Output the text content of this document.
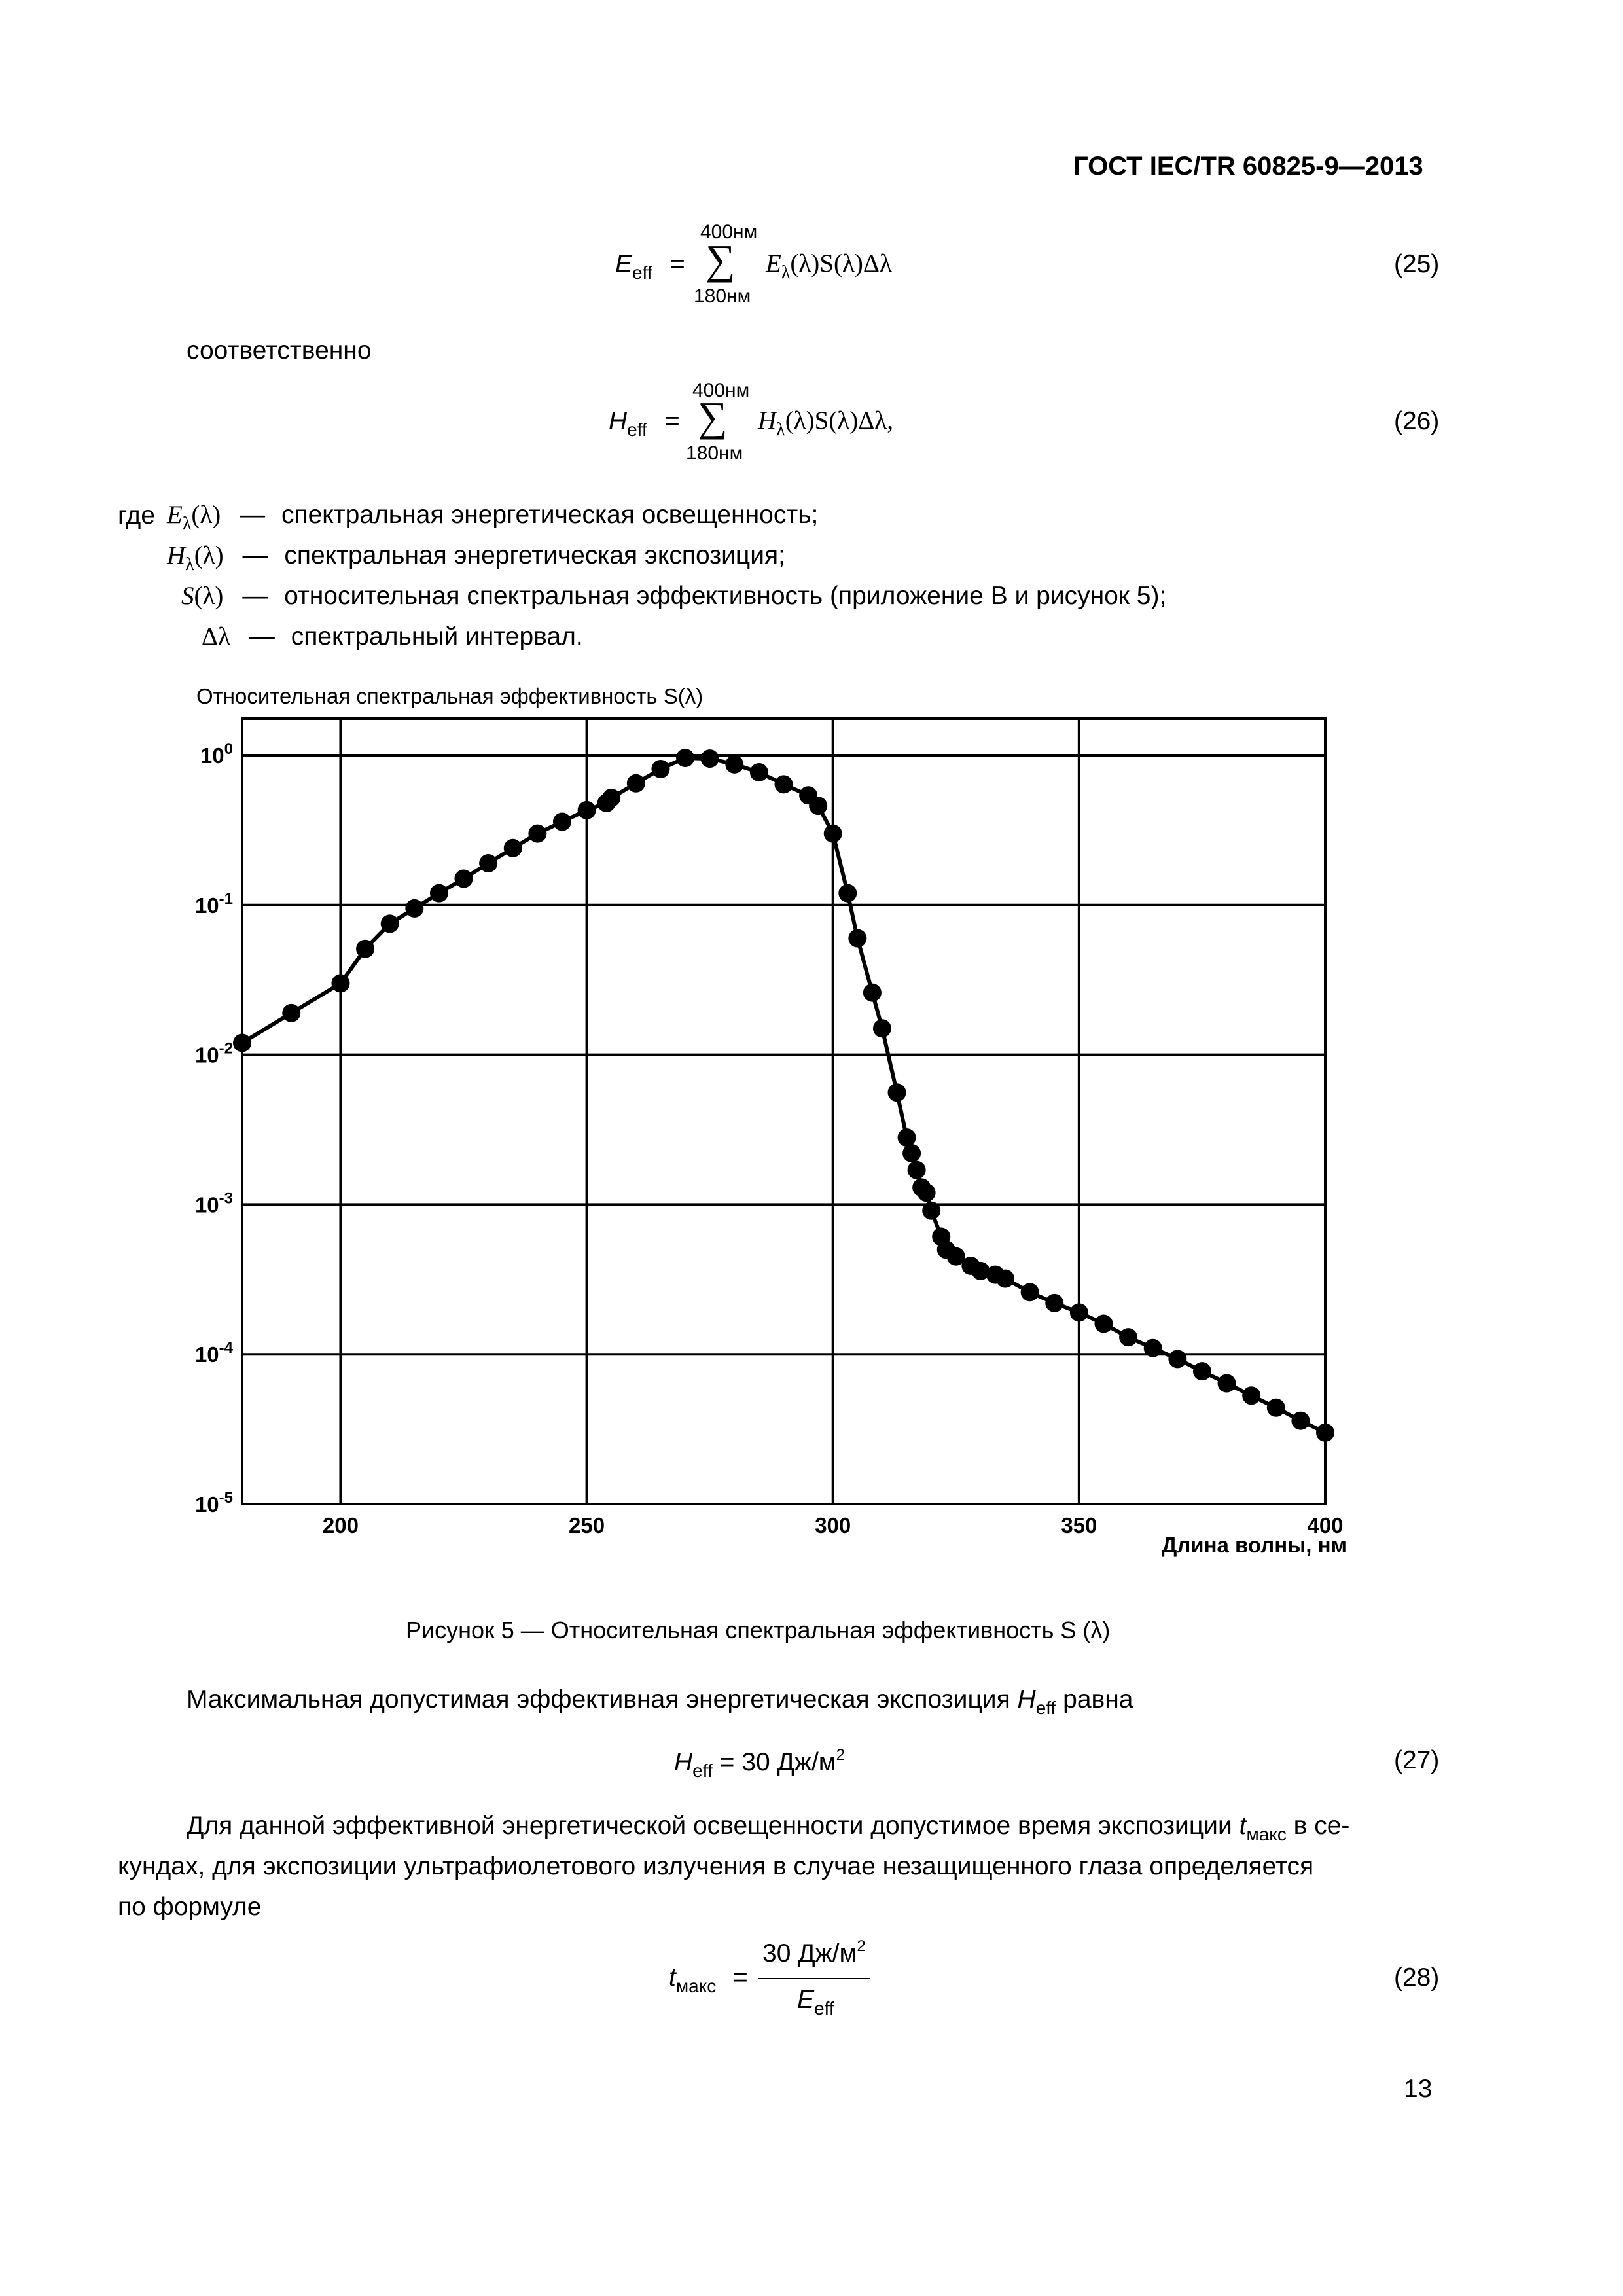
ГОСТ IEC/TR 60825-9—2013
400нм
$E_{eff}$ = ∑ $E_\lambda(\lambda)S(\lambda)\Delta\lambda$
180нм
(25)
соответственно
400нм
$H_{eff}$ = ∑ $H_\lambda(\lambda)S(\lambda)\Delta\lambda$,
180нм
(26)
где $E_\lambda(\lambda)$ — спектральная энергетическая освещенность;
$H_\lambda(\lambda)$ — спектральная энергетическая экспозиция;
S(λ) — относительная спектральная эффективность (приложение В и рисунок 5);
Δλ — спектральный интервал.
Относительная спектральная эффективность S(λ)
200	250	300	350	400
$10^0$
$10^{-1}$
$10^{-2}$
$10^{-3}$
$10^{-4}$
$10^{-5}$
Длина волны, нм
Рисунок 5 — Относительная спектральная эффективность S (λ)
Максимальная допустимая эффективная энергетическая экспозиция $H_{eff}$ равна
$H_{eff} = 30$ $Дж/м^2$	(27)
Для данной эффективной энергетической освещенности допустимое время экспозиции $t_{макс}$ в се-
кундах, для экспозиции ультрафиолетового излучения в случае незащищенного глаза определяется
по формуле
$t_{макс}$ =
30 $Дж/м^2$
$E_{eff}$
(28)
13
